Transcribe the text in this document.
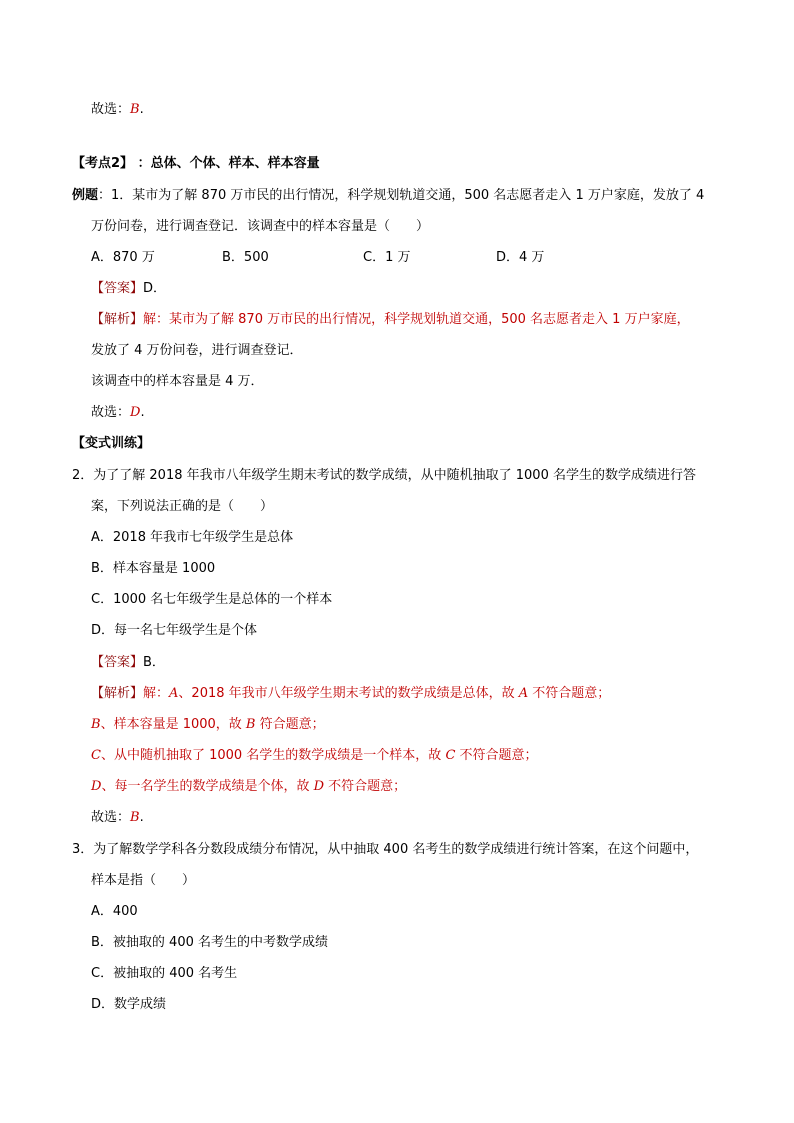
故选：B.
【考点2】 ：总体、个体、样本、样本容量
例题：1．某市为了解 870 万市民的出行情况，科学规划轨道交通，500 名志愿者走入 1 万户家庭，发放了 4
万份问卷，进行调查登记．该调查中的样本容量是（　　）
A．870 万	B．500	C．1 万	D．4 万
【答案】D．
【解析】解：某市为了解 870 万市民的出行情况，科学规划轨道交通，500 名志愿者走入 1 万户家庭，
发放了 4 万份问卷，进行调查登记．
该调查中的样本容量是 4 万．
故选：D.
【变式训练】
2．为了了解 2018 年我市八年级学生期末考试的数学成绩，从中随机抽取了 1000 名学生的数学成绩进行答
案，下列说法正确的是（　　）
A．2018 年我市七年级学生是总体
B．样本容量是 1000
C．1000 名七年级学生是总体的一个样本
D．每一名七年级学生是个体
【答案】B．
【解析】解：A、2018 年我市八年级学生期末考试的数学成绩是总体，故 A 不符合题意；
B、样本容量是 1000，故 B 符合题意；
C、从中随机抽取了 1000 名学生的数学成绩是一个样本，故 C 不符合题意；
D、每一名学生的数学成绩是个体，故 D 不符合题意；
故选：B.
3．为了解数学学科各分数段成绩分布情况，从中抽取 400 名考生的数学成绩进行统计答案，在这个问题中，
样本是指（　　）
A．400
B．被抽取的 400 名考生的中考数学成绩
C．被抽取的 400 名考生
D．数学成绩
